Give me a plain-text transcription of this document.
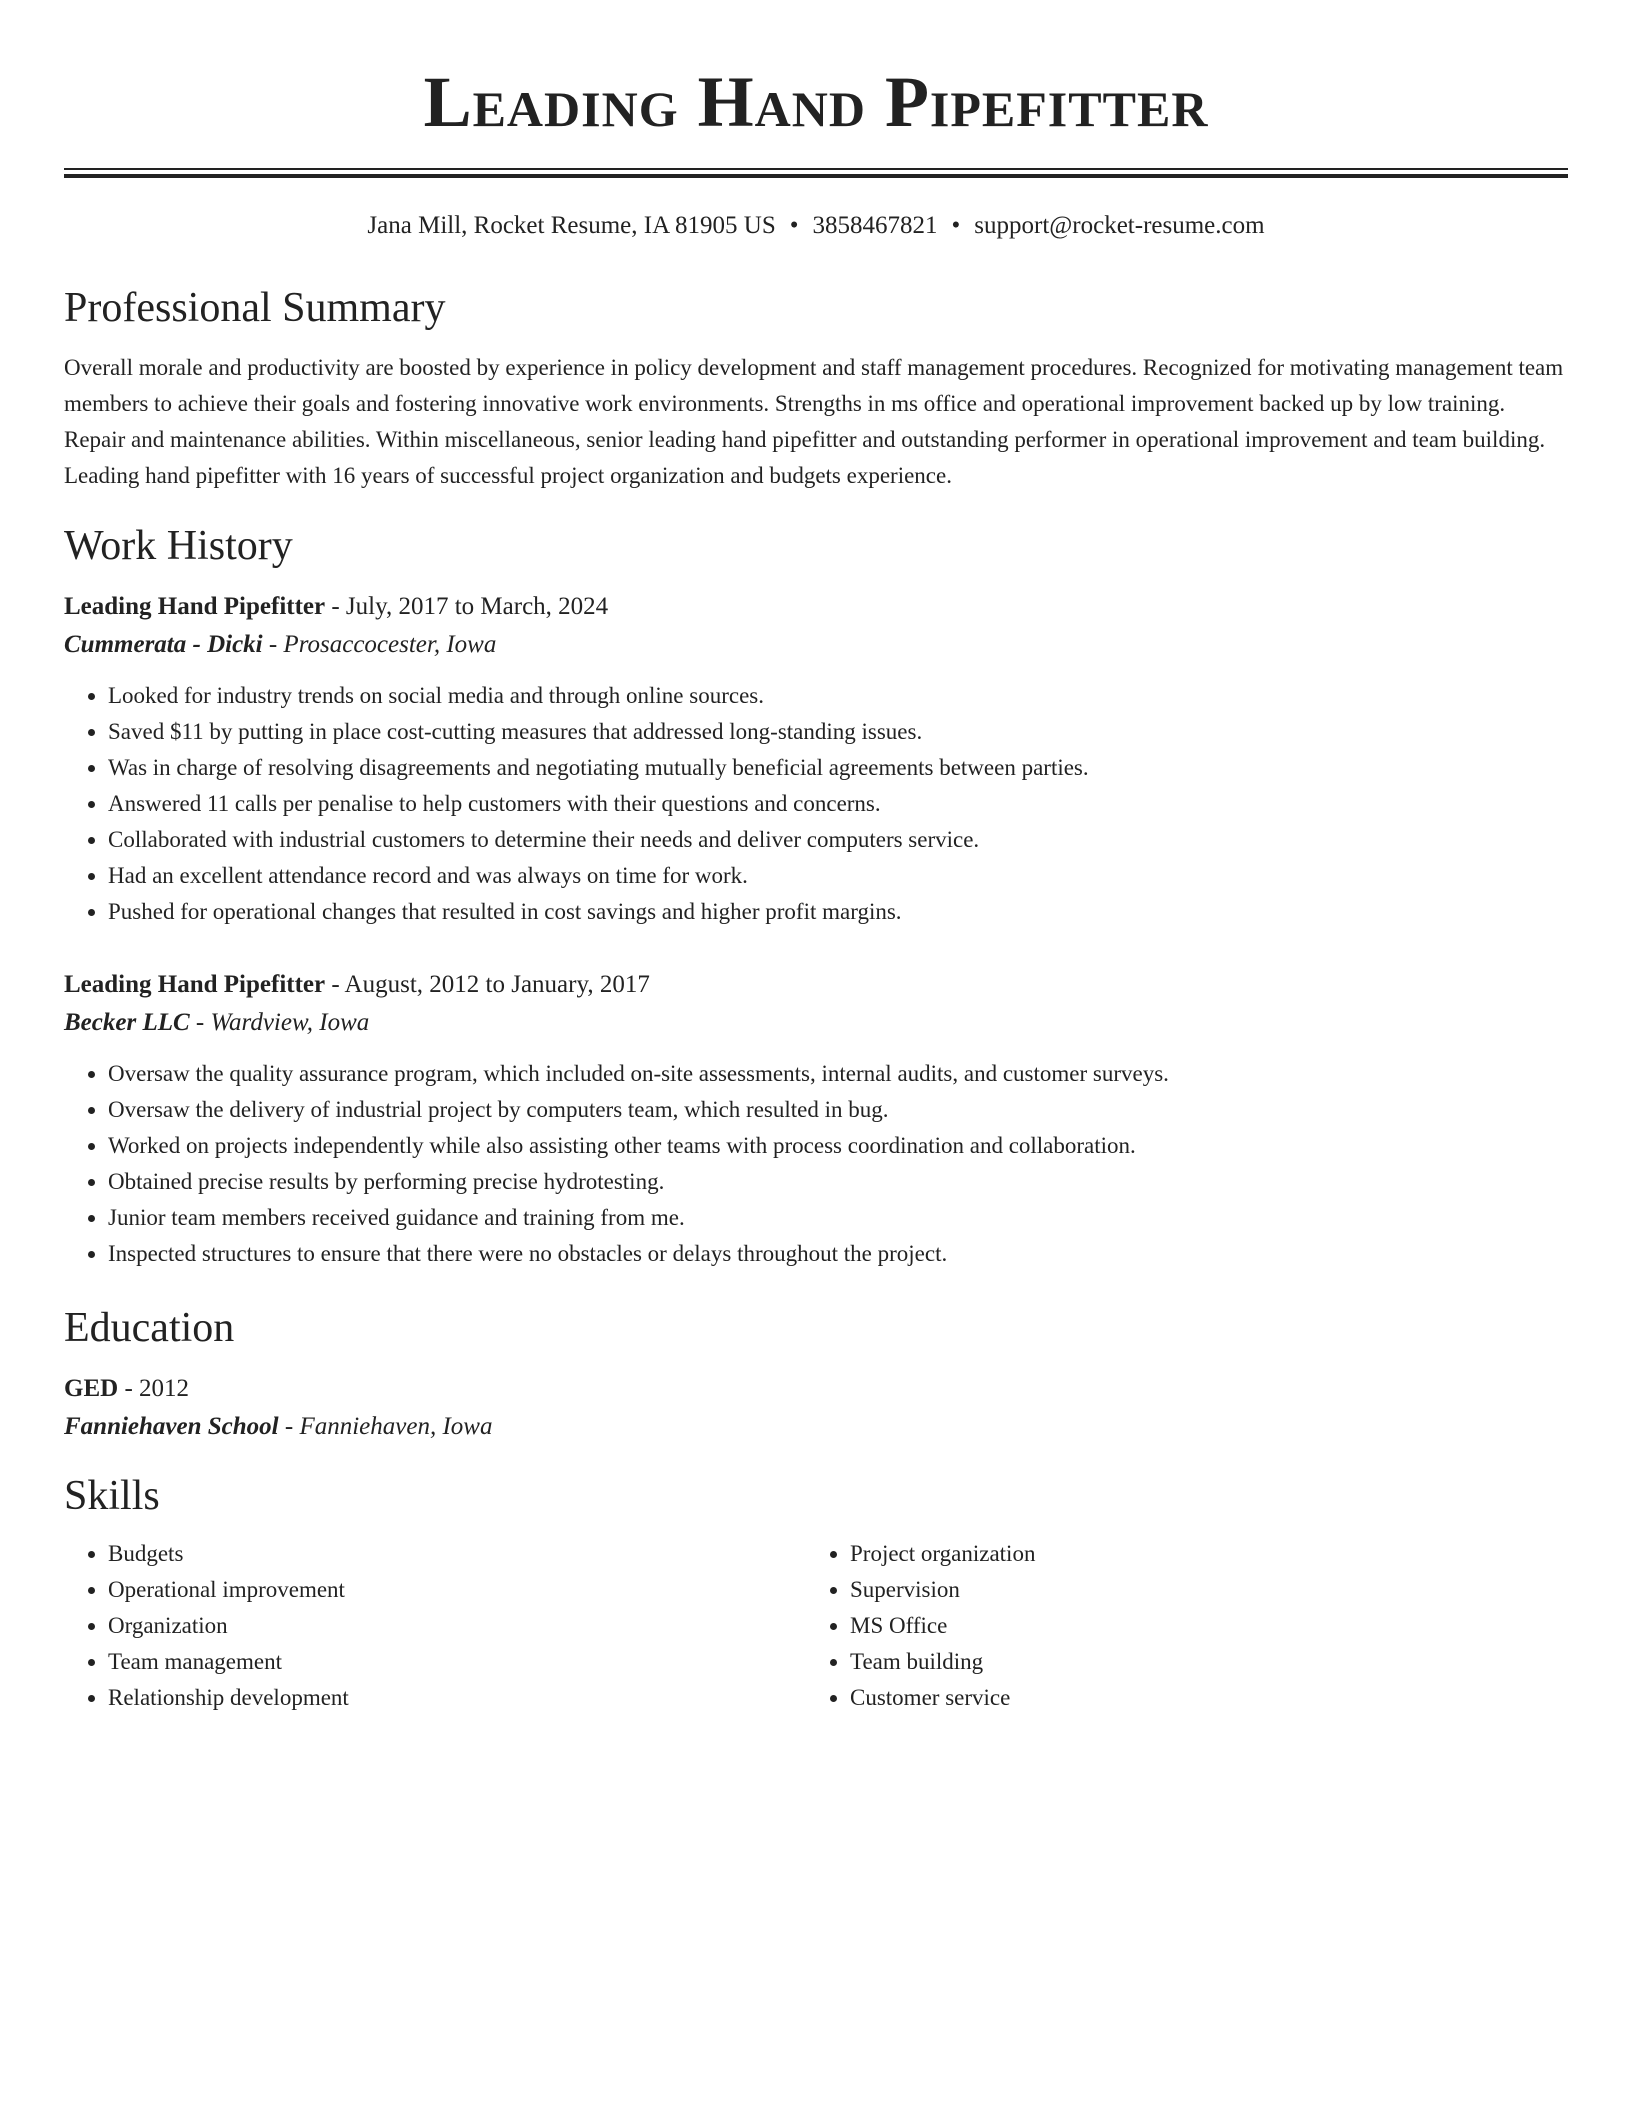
Leading Hand Pipefitter
Jana Mill, Rocket Resume, IA 81905 US • 3858467821 • support@rocket-resume.com
Professional Summary

Overall morale and productivity are boosted by experience in policy development and staff management procedures. Recognized for motivating management team members to achieve their goals and fostering innovative work environments. Strengths in ms office and operational improvement backed up by low training. Repair and maintenance abilities. Within miscellaneous, senior leading hand pipefitter and outstanding performer in operational improvement and team building. Leading hand pipefitter with 16 years of successful project organization and budgets experience.

Work History
Leading Hand Pipefitter - July, 2017 to March, 2024
Cummerata - Dicki - Prosaccocester, Iowa
• Looked for industry trends on social media and through online sources.
• Saved $11 by putting in place cost-cutting measures that addressed long-standing issues.
• Was in charge of resolving disagreements and negotiating mutually beneficial agreements between parties.
• Answered 11 calls per penalise to help customers with their questions and concerns.
• Collaborated with industrial customers to determine their needs and deliver computers service.
• Had an excellent attendance record and was always on time for work.
• Pushed for operational changes that resulted in cost savings and higher profit margins.
Leading Hand Pipefitter - August, 2012 to January, 2017
Becker LLC - Wardview, Iowa
• Oversaw the quality assurance program, which included on-site assessments, internal audits, and customer surveys.
• Oversaw the delivery of industrial project by computers team, which resulted in bug.
• Worked on projects independently while also assisting other teams with process coordination and collaboration.
• Obtained precise results by performing precise hydrotesting.
• Junior team members received guidance and training from me.
• Inspected structures to ensure that there were no obstacles or delays throughout the project.
Education
GED - 2012
Fanniehaven School - Fanniehaven, Iowa
Skills
• Budgets
• Operational improvement
• Organization
• Team management
• Relationship development
• Project organization
• Supervision
• MS Office
• Team building
• Customer service
